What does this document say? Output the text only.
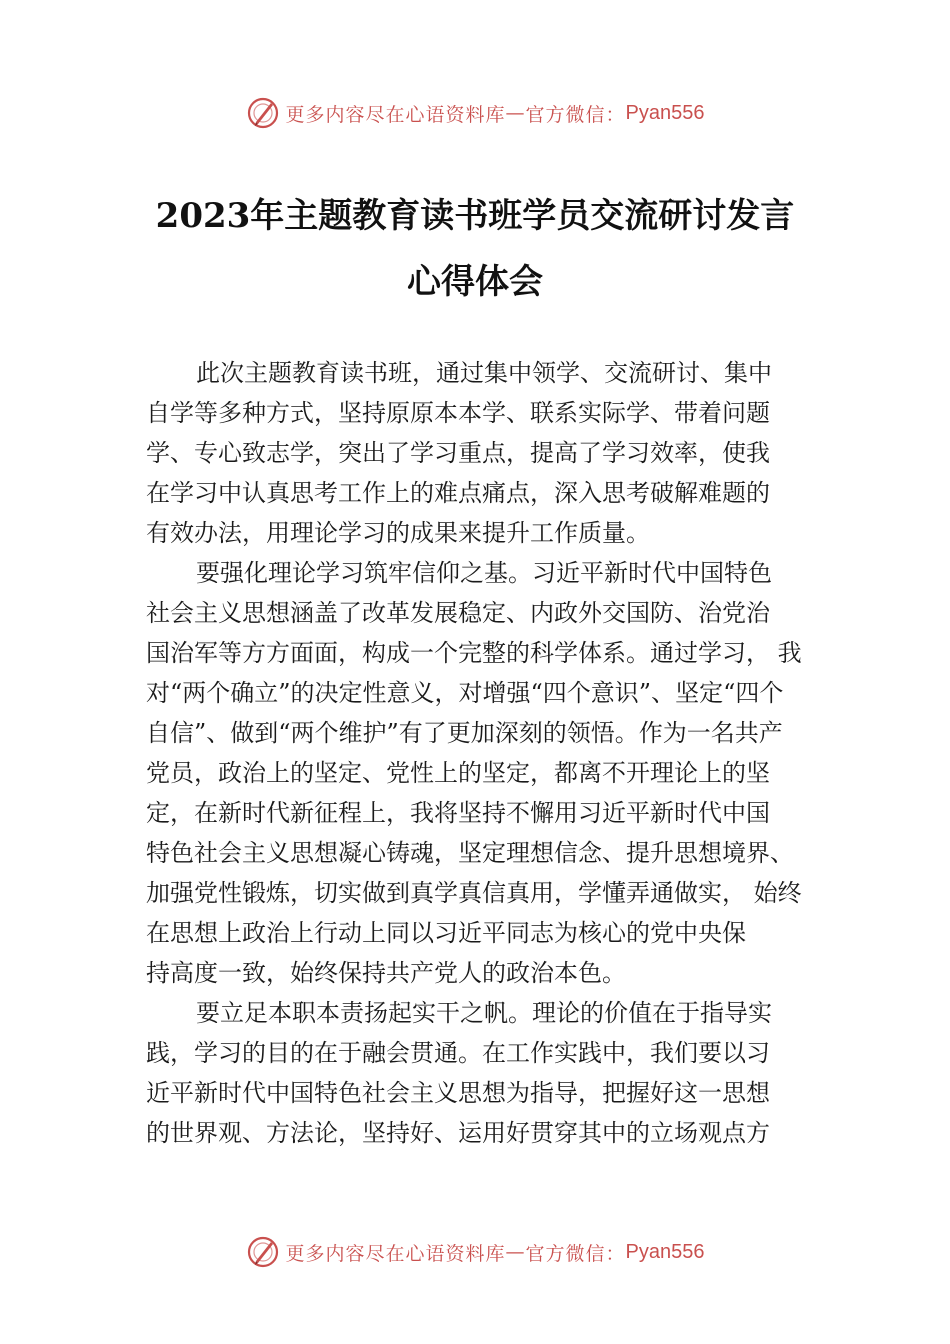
更多内容尽在心语资料库 — 官方微信： Pyan556
2023年主题教育读书班学员交流研讨发言
心得体会
此次主题教育读书班，通过集中领学、交流研讨、集中
自学等多种方式，坚持原原本本学、联系实际学、带着问题
学、专心致志学，突出了学习重点，提高了学习效率，使我
在学习中认真思考工作上的难点痛点，深入思考破解难题的
有效办法，用理论学习的成果来提升工作质量。
要强化理论学习筑牢信仰之基。习近平新时代中国特色
社会主义思想涵盖了改革发展稳定、内政外交国防、治党治
国治军等方方面面，构成一个完整的科学体系。通过学习， 我
对“两个确立”的决定性意义，对增强“四个意识”、坚定“四个
自信”、做到“两个维护”有了更加深刻的领悟。作为一名共产
党员，政治上的坚定、党性上的坚定，都离不开理论上的坚
定，在新时代新征程上，我将坚持不懈用习近平新时代中国
特色社会主义思想凝心铸魂，坚定理想信念、提升思想境界、
加强党性锻炼，切实做到真学真信真用，学懂弄通做实， 始终
在思想上政治上行动上同以习近平同志为核心的党中央保
持高度一致，始终保持共产党人的政治本色。
要立足本职本责扬起实干之帆。理论的价值在于指导实
践，学习的目的在于融会贯通。在工作实践中，我们要以习
近平新时代中国特色社会主义思想为指导，把握好这一思想
的世界观、方法论，坚持好、运用好贯穿其中的立场观点方
更多内容尽在心语资料库 — 官方微信： Pyan556
